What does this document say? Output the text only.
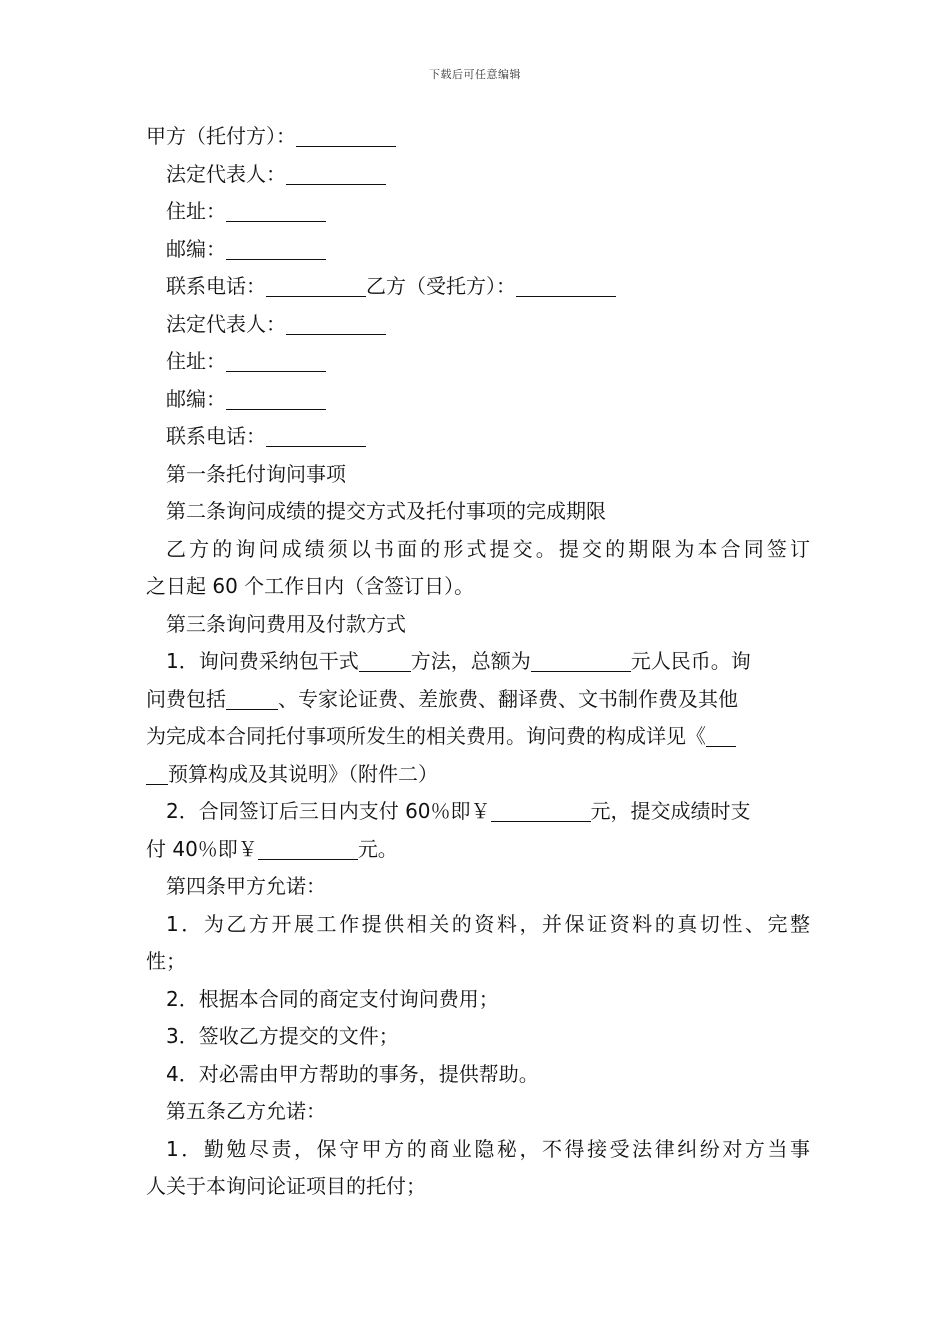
下载后可任意编辑
甲方（托付方）：
法定代表人：
住址：
邮编：
联系电话：	乙方（受托方）：
法定代表人：
住址：
邮编：
联系电话：
第一条托付询问事项
第二条询问成绩的提交方式及托付事项的完成期限
乙方的询问成绩须以书面的形式提交。提交的期限为本合同签订
之日起 60 个工作日内（含签订日）。
第三条询问费用及付款方式
1．询问费采纳包干式	方法，总额为	元人民币。询
问费包括	、专家论证费、差旅费、翻译费、文书制作费及其他
为完成本合同托付事项所发生的相关费用。询问费的构成详见《
预算构成及其说明》（附件二）
2．合同签订后三日内支付 60％即￥	元，提交成绩时支
付 40％即￥	元。
第四条甲方允诺：
1．为乙方开展工作提供相关的资料，并保证资料的真切性、完整
性；
2．根据本合同的商定支付询问费用；
3．签收乙方提交的文件；
4．对必需由甲方帮助的事务，提供帮助。
第五条乙方允诺：
1．勤勉尽责，保守甲方的商业隐秘，不得接受法律纠纷对方当事
人关于本询问论证项目的托付；
